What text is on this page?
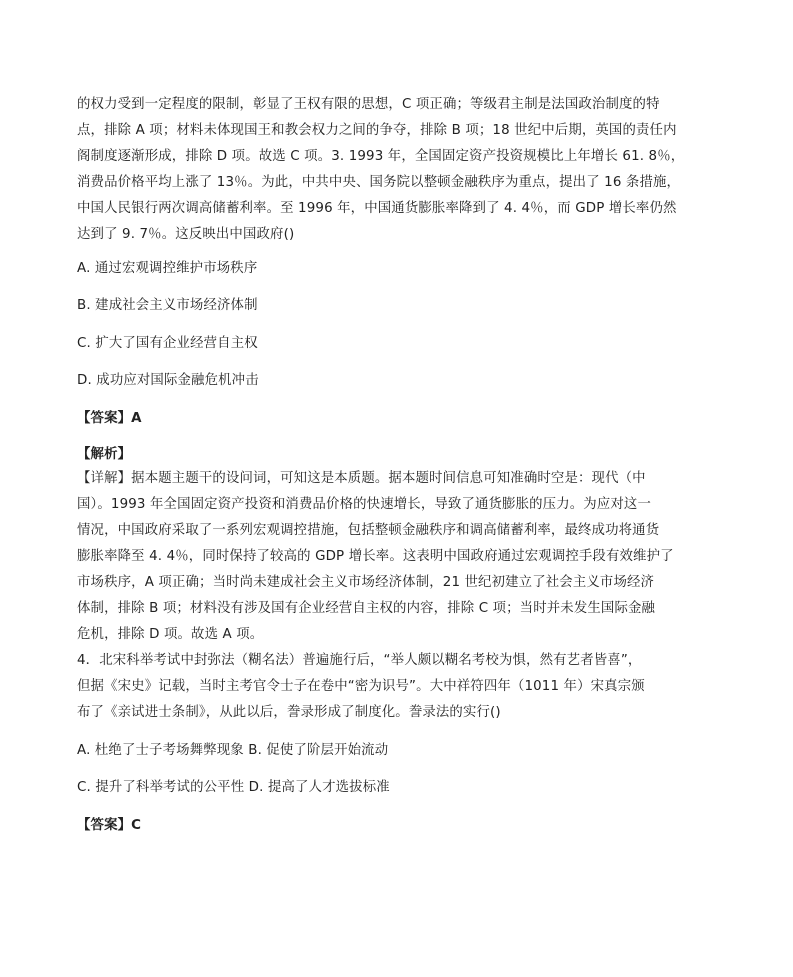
的权力受到一定程度的限制，彰显了王权有限的思想，C 项正确；等级君主制是法国政治制度的特
点，排除 A 项；材料未体现国王和教会权力之间的争夺，排除 B 项；18 世纪中后期，英国的责任内
阁制度逐渐形成，排除 D 项。故选 C 项。3. 1993 年，全国固定资产投资规模比上年增长 61. 8％，
消费品价格平均上涨了 13％。为此，中共中央、国务院以整顿金融秩序为重点，提出了 16 条措施，
中国人民银行两次调高储蓄利率。至 1996 年，中国通货膨胀率降到了 4. 4％，而 GDP 增长率仍然
达到了 9. 7％。这反映出中国政府()
A. 通过宏观调控维护市场秩序
B. 建成社会主义市场经济体制
C. 扩大了国有企业经营自主权
D. 成功应对国际金融危机冲击
【答案】A
【解析】
【详解】据本题主题干的设问词，可知这是本质题。据本题时间信息可知准确时空是：现代（中
国）。1993 年全国固定资产投资和消费品价格的快速增长，导致了通货膨胀的压力。为应对这一
情况，中国政府采取了一系列宏观调控措施，包括整顿金融秩序和调高储蓄利率，最终成功将通货
膨胀率降至 4. 4％，同时保持了较高的 GDP 增长率。这表明中国政府通过宏观调控手段有效维护了
市场秩序，A 项正确；当时尚未建成社会主义市场经济体制，21 世纪初建立了社会主义市场经济
体制，排除 B 项；材料没有涉及国有企业经营自主权的内容，排除 C 项；当时并未发生国际金融
危机，排除 D 项。故选 A 项。
4．北宋科举考试中封弥法（糊名法）普遍施行后，“举人颇以糊名考校为惧，然有艺者皆喜”，
但据《宋史》记载，当时主考官令士子在卷中“密为识号”。大中祥符四年（1011 年）宋真宗颁
布了《亲试进士条制》，从此以后，誊录形成了制度化。誊录法的实行()
A. 杜绝了士子考场舞弊现象 B. 促使了阶层开始流动
C. 提升了科举考试的公平性 D. 提高了人才选拔标准
【答案】C
